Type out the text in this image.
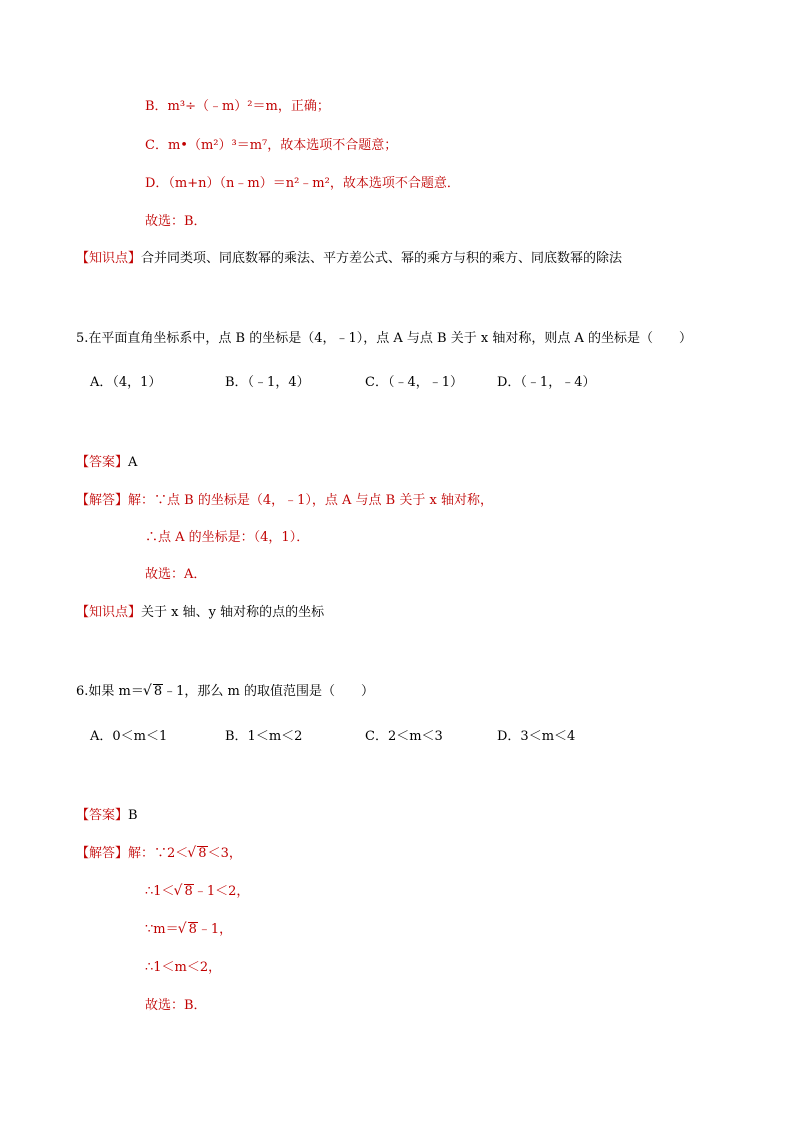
B．m³÷（﹣m）²＝m，正确；
C．m•（m²）³＝m⁷，故本选项不合题意；
D．（m+n）（n﹣m）＝n²﹣m²，故本选项不合题意．
故选：B．
【知识点】合并同类项、同底数幂的乘法、平方差公式、幂的乘方与积的乘方、同底数幂的除法
5.在平面直角坐标系中，点 B 的坐标是（4，﹣1），点 A 与点 B 关于 x 轴对称，则点 A 的坐标是（　　）
A．（4，1）	B．（﹣1，4）	C．（﹣4，﹣1）	D．（﹣1，﹣4）
【答案】A
【解答】解：∵点 B 的坐标是（4，﹣1），点 A 与点 B 关于 x 轴对称，
∴点 A 的坐标是：（4，1）．
故选：A．
【知识点】关于 x 轴、y 轴对称的点的坐标
6.如果 m＝ √ 8﹣1，那么 m 的取值范围是（　　）
A．0＜m＜1	B．1＜m＜2	C．2＜m＜3	D．3＜m＜4
【答案】B
【解答】解：∵2＜ √ 8＜3，
∴1＜ √ 8﹣1＜2，
∵m＝ √ 8﹣1，
∴1＜m＜2，
故选：B．
